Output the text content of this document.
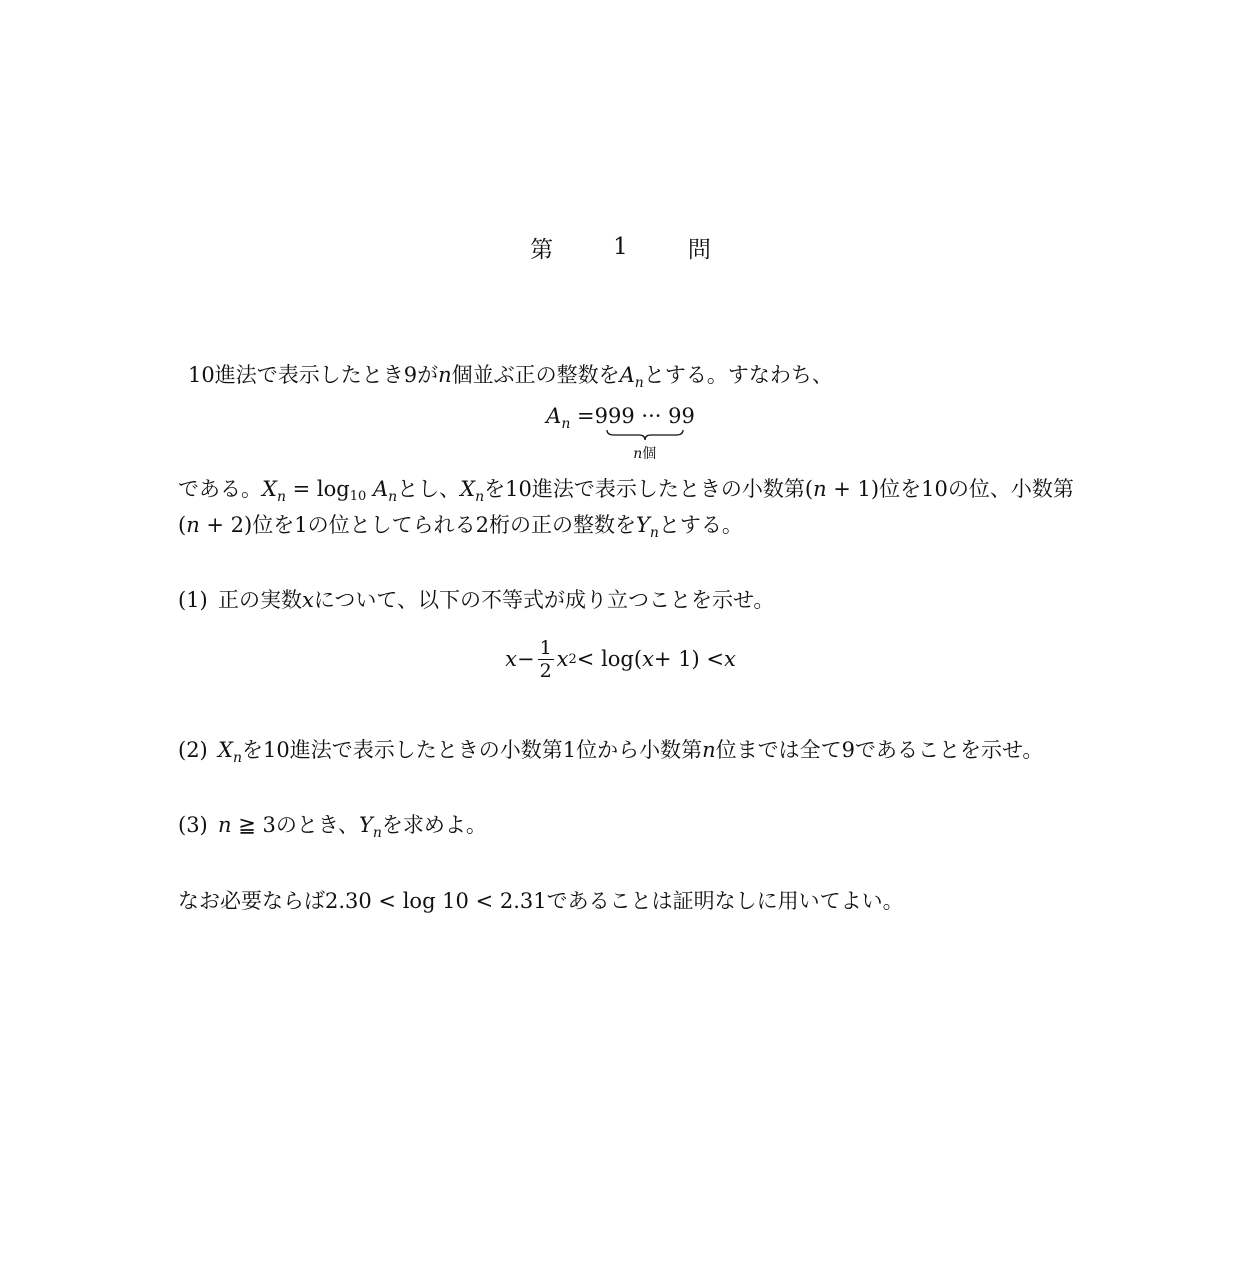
第	1	問
10進法で表示したとき9がn個並ぶ正の整数を$A_n$とする。すなわち、
$A_n = 999$ ··· 99
n個
である。$X_n = \log 10$ $A_n$とし、$X_n$を10進法で表示したときの小数第(n + 1)位を10の位、小数第
(n + 2)位を1の位としてられる2桁の正の整数を$Y_n$とする。
(1) 正の実数xについて、以下の不等式が成り立つことを示せ。
$x - \frac{1}{2}$ x 2 < log( x + 1) < x
(2) $X_n$を10進法で表示したときの小数第1位から小数第n位までは全て9であることを示せ。
(3) n ≧ 3のとき、$Y_n$を求めよ。
なお必要ならば2.30 < log 10 < 2.31であることは証明なしに用いてよい。
